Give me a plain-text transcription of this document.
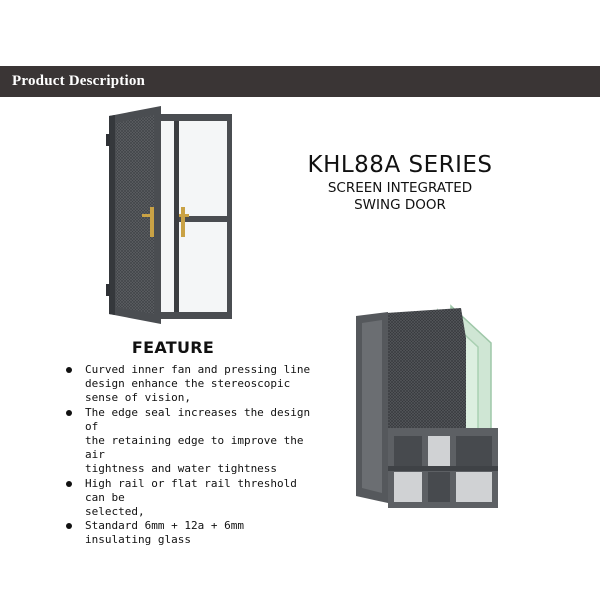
Product Description
KHL88A SERIES
SCREEN INTEGRATED
SWING DOOR
FEATURE
Curved inner fan and pressing line
design enhance the stereoscopic
sense of vision,
The edge seal increases the design of
the retaining edge to improve the air
tightness and water tightness
High rail or flat rail threshold can be
selected,
Standard 6mm + 12a + 6mm
insulating glass
